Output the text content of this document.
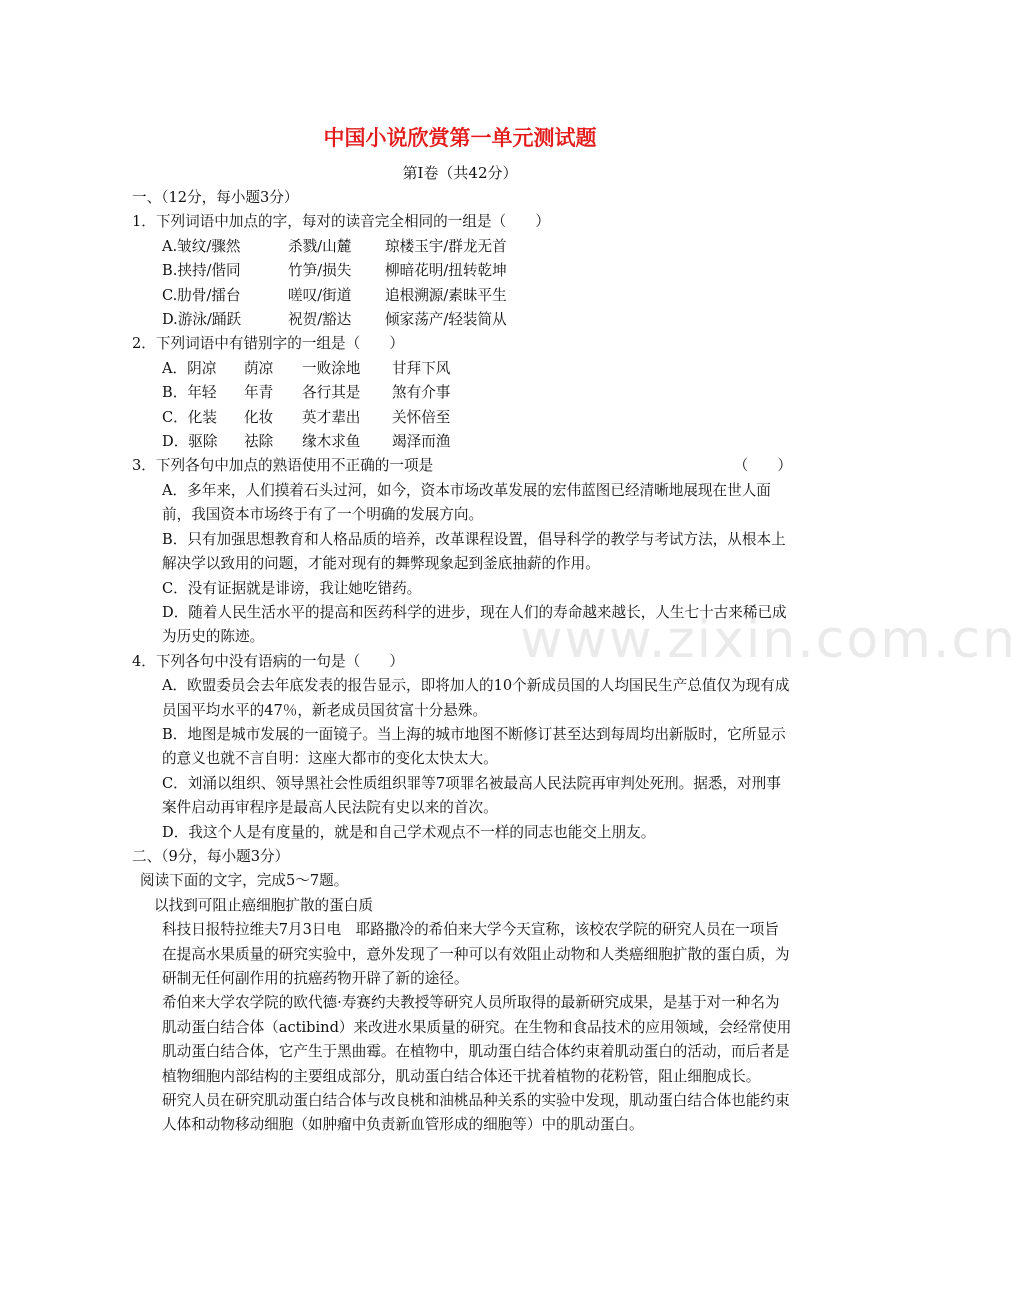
中国小说欣赏第一单元测试题
第Ⅰ卷（共42分）

一、（12分，每小题3分）

1．下列词语中加点的字，每对的读音完全相同的一组是（　　）

A.皱纹/骤然	杀戮/山麓	琼楼玉宇/群龙无首
B.挟持/偕同	竹笋/损失	柳暗花明/扭转乾坤
C.肋骨/擂台	嗟叹/街道	追根溯源/素昧平生
D.游泳/踊跃	祝贺/豁达	倾家荡产/轻装简从

2．下列词语中有错别字的一组是（　　）

A．阴凉	荫凉	一败涂地	甘拜下风
B．年轻	年青	各行其是	煞有介事
C．化装	化妆	英才辈出	关怀倍至
D．驱除	祛除	缘木求鱼	竭泽而渔
3．下列各句中加点的熟语使用不正确的一项是	（　　）

A．多年来，人们摸着石头过河，如今，资本市场改革发展的宏伟蓝图已经清晰地展现在世人面前，我国资本市场终于有了一个明确的发展方向。

B．只有加强思想教育和人格品质的培养，改革课程设置，倡导科学的教学与考试方法，从根本上解决学以致用的问题，才能对现有的舞弊现象起到釜底抽薪的作用。

C．没有证据就是诽谤，我让她吃错药。

D．随着人民生活水平的提高和医药科学的进步，现在人们的寿命越来越长，人生七十古来稀已成为历史的陈迹。

4．下列各句中没有语病的一句是（　　）

A．欧盟委员会去年底发表的报告显示，即将加人的10个新成员国的人均国民生产总值仅为现有成员国平均水平的47％，新老成员国贫富十分悬殊。

B．地图是城市发展的一面镜子。当上海的城市地图不断修订甚至达到每周均出新版时，它所显示的意义也就不言自明：这座大都市的变化太快太大。

C．刘涌以组织、领导黑社会性质组织罪等7项罪名被最高人民法院再审判处死刑。据悉，对刑事案件启动再审程序是最高人民法院有史以来的首次。

D．我这个人是有度量的，就是和自己学术观点不一样的同志也能交上朋友。

二、（9分，每小题3分）

阅读下面的文字，完成5～7题。

以找到可阻止癌细胞扩散的蛋白质

科技日报特拉维夫7月3日电　耶路撒冷的希伯来大学今天宣称，该校农学院的研究人员在一项旨在提高水果质量的研究实验中，意外发现了一种可以有效阻止动物和人类癌细胞扩散的蛋白质，为研制无任何副作用的抗癌药物开辟了新的途径。

希伯来大学农学院的欧代德·寿赛约夫教授等研究人员所取得的最新研究成果，是基于对一种名为肌动蛋白结合体（actibind）来改进水果质量的研究。在生物和食品技术的应用领域，会经常使用肌动蛋白结合体，它产生于黑曲霉。在植物中，肌动蛋白结合体约束着肌动蛋白的活动，而后者是植物细胞内部结构的主要组成部分，肌动蛋白结合体还干扰着植物的花粉管，阻止细胞成长。

研究人员在研究肌动蛋白结合体与改良桃和油桃品种关系的实验中发现，肌动蛋白结合体也能约束人体和动物移动细胞（如肿瘤中负责新血管形成的细胞等）中的肌动蛋白。

www.zixin.com.cn
